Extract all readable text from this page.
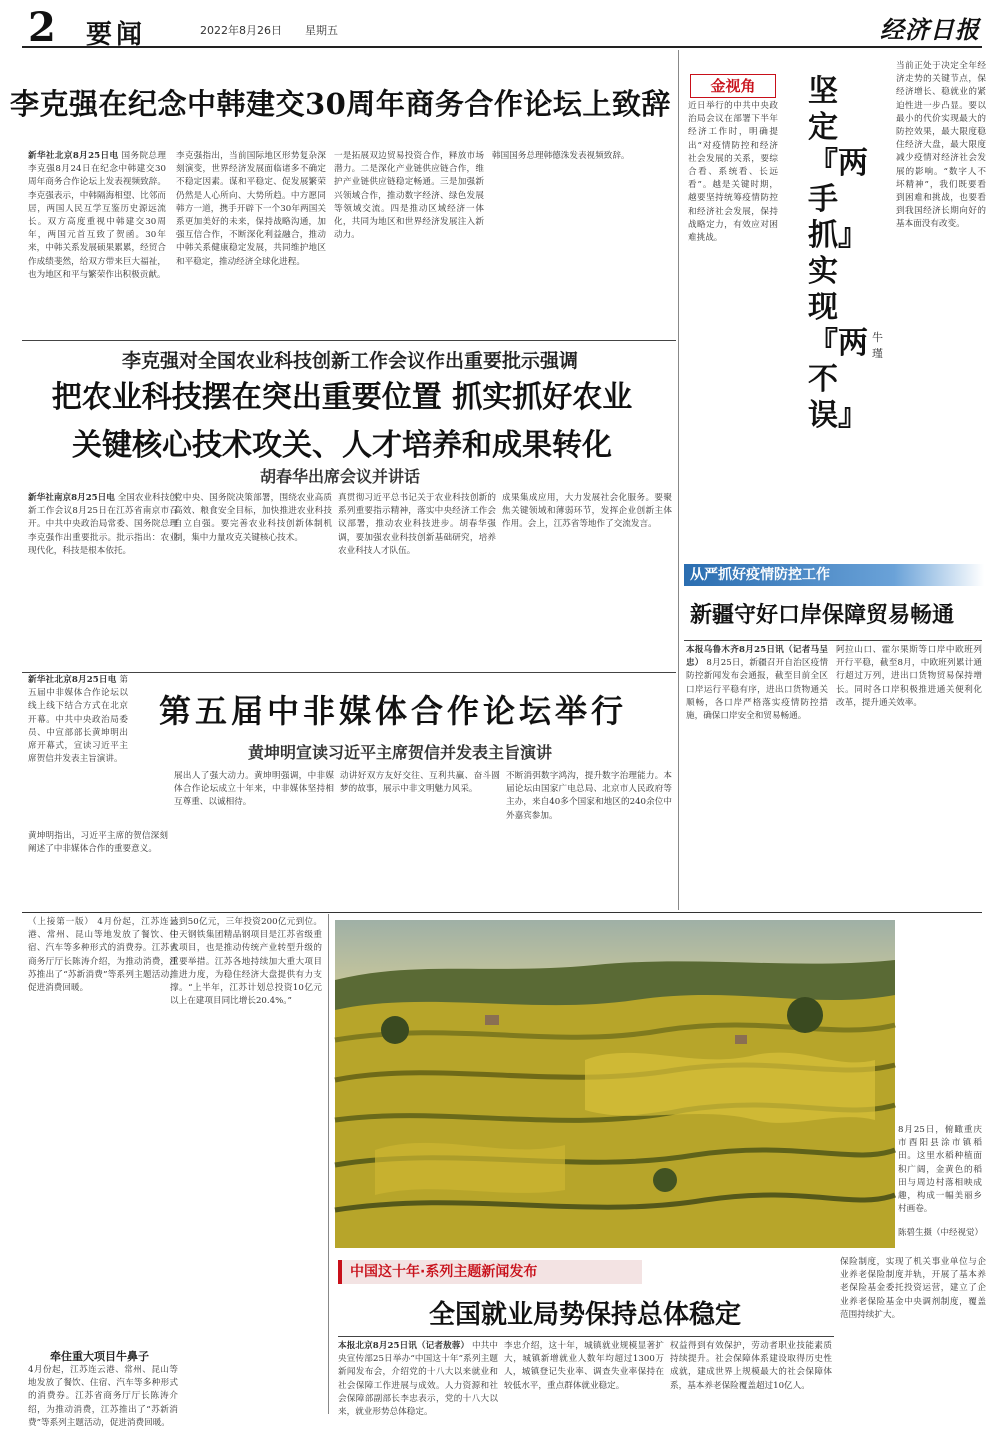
2 要闻	2022年8月26日 星期五	经济日报
李克强在纪念中韩建交30周年商务合作论坛上致辞
新华社北京8月25日电 国务院总理李克强8月24日在纪念中韩建交30周年商务合作论坛上发表视频致辞。李克强表示，中韩隔海相望、比邻而居，两国人民互学互鉴历史源远流长。双方高度重视中韩建交30周年，两国元首互致了贺函。30年来，中韩关系发展硕果累累，经贸合作成绩斐然，给双方带来巨大福祉，也为地区和平与繁荣作出积极贡献。
李克强指出，当前国际地区形势复杂深刻演变，世界经济发展面临诸多不确定不稳定因素。谋和平稳定、促发展繁荣仍然是人心所向、大势所趋。中方愿同韩方一道，携手开辟下一个30年两国关系更加美好的未来，保持战略沟通，加强互信合作，不断深化利益融合，推动中韩关系健康稳定发展，共同维护地区和平稳定，推动经济全球化进程。
一是拓展双边贸易投资合作，释放市场潜力。二是深化产业链供应链合作，维护产业链供应链稳定畅通。三是加强新兴领域合作，推动数字经济、绿色发展等领域交流。四是推动区域经济一体化，共同为地区和世界经济发展注入新动力。
韩国国务总理韩德洙发表视频致辞。
李克强对全国农业科技创新工作会议作出重要批示强调
把农业科技摆在突出重要位置 抓实抓好农业
关键核心技术攻关、人才培养和成果转化
胡春华出席会议并讲话
新华社南京8月25日电 全国农业科技创新工作会议8月25日在江苏省南京市召开。中共中央政治局常委、国务院总理李克强作出重要批示。批示指出：农业现代化，科技是根本依托。
党中央、国务院决策部署，围绕农业高质高效、粮食安全目标，加快推进农业科技自立自强。要完善农业科技创新体制机制，集中力量攻克关键核心技术。
真贯彻习近平总书记关于农业科技创新的系列重要指示精神，落实中央经济工作会议部署，推动农业科技进步。胡春华强调，要加强农业科技创新基础研究，培养农业科技人才队伍。
成果集成应用，大力发展社会化服务。要聚焦关键领域和薄弱环节，发挥企业创新主体作用。会上，江苏省等地作了交流发言。
新华社北京8月25日电 第五届中非媒体合作论坛以线上线下结合方式在北京开幕。中共中央政治局委员、中宣部部长黄坤明出席开幕式，宣读习近平主席贺信并发表主旨演讲。
第五届中非媒体合作论坛举行
黄坤明宣读习近平主席贺信并发表主旨演讲
黄坤明指出，习近平主席的贺信深刻阐述了中非媒体合作的重要意义。
展出人了强大动力。黄坤明强调，中非媒体合作论坛成立十年来，中非媒体坚持相互尊重、以诚相待。
动讲好双方友好交往、互利共赢、奋斗圆梦的故事，展示中非文明魅力风采。
不断消弭数字鸿沟，提升数字治理能力。本届论坛由国家广电总局、北京市人民政府等主办，来自40多个国家和地区的240余位中外嘉宾参加。
金视角
近日举行的中共中央政治局会议在部署下半年经济工作时，明确提出“对疫情防控和经济社会发展的关系，要综合看、系统看、长远看”。越是关键时期，越要坚持统筹疫情防控和经济社会发展，保持战略定力，有效应对困难挑战。
坚定『两手抓』实现『两不误』
牛瑾
当前正处于决定全年经济走势的关键节点，保经济增长、稳就业的紧迫性进一步凸显。要以最小的代价实现最大的防控效果，最大限度稳住经济大盘，最大限度减少疫情对经济社会发展的影响。“数字人不坏精神”，我们既要看到困难和挑战，也要看到我国经济长期向好的基本面没有改变。
从严抓好疫情防控工作
新疆守好口岸保障贸易畅通
本报乌鲁木齐8月25日讯（记者马呈忠） 8月25日，新疆召开自治区疫情防控新闻发布会通报，截至目前全区口岸运行平稳有序，进出口货物通关顺畅，各口岸严格落实疫情防控措施，确保口岸安全和贸易畅通。
阿拉山口、霍尔果斯等口岸中欧班列开行平稳，截至8月，中欧班列累计通行超过万列，进出口货物贸易保持增长。同时各口岸积极推进通关便利化改革，提升通关效率。
（上接第一版） 4月份起，江苏连云港、常州、昆山等地发放了餐饮、住宿、汽车等多种形式的消费券。江苏省商务厅厅长陈涛介绍，为推动消费，江苏推出了“苏新消费”等系列主题活动，促进消费回暖。
牵住重大项目牛鼻子
4月份起，江苏连云港、常州、昆山等地发放了餐饮、住宿、汽车等多种形式的消费券。江苏省商务厅厅长陈涛介绍，为推动消费，江苏推出了“苏新消费”等系列主题活动，促进消费回暖。
达到50亿元，三年投资200亿元到位。中天钢铁集团精品钢项目是江苏省级重大项目，也是推动传统产业转型升级的重要举措。江苏各地持续加大重大项目推进力度，为稳住经济大盘提供有力支撑。“上半年，江苏计划总投资10亿元以上在建项目同比增长20.4%。”
8月25日，俯瞰重庆市酉阳县涂市镇稻田。这里水稻种植面积广阔，金黄色的稻田与周边村落相映成趣，构成一幅美丽乡村画卷。
陈碧生摄（中经视觉）
中国这十年·系列主题新闻发布
全国就业局势保持总体稳定
本报北京8月25日讯（记者敖蓉） 中共中央宣传部25日举办“中国这十年”系列主题新闻发布会，介绍党的十八大以来就业和社会保障工作进展与成效。人力资源和社会保障部副部长李忠表示，党的十八大以来，就业形势总体稳定。
李忠介绍，这十年，城镇就业规模显著扩大，城镇新增就业人数年均超过1300万人，城镇登记失业率、调查失业率保持在较低水平，重点群体就业稳定。
权益得到有效保护，劳动者职业技能素质持续提升。社会保障体系建设取得历史性成就，建成世界上规模最大的社会保障体系，基本养老保险覆盖超过10亿人。
保险制度，实现了机关事业单位与企业养老保险制度并轨，开展了基本养老保险基金委托投资运营，建立了企业养老保险基金中央调剂制度，覆盖范围持续扩大。
